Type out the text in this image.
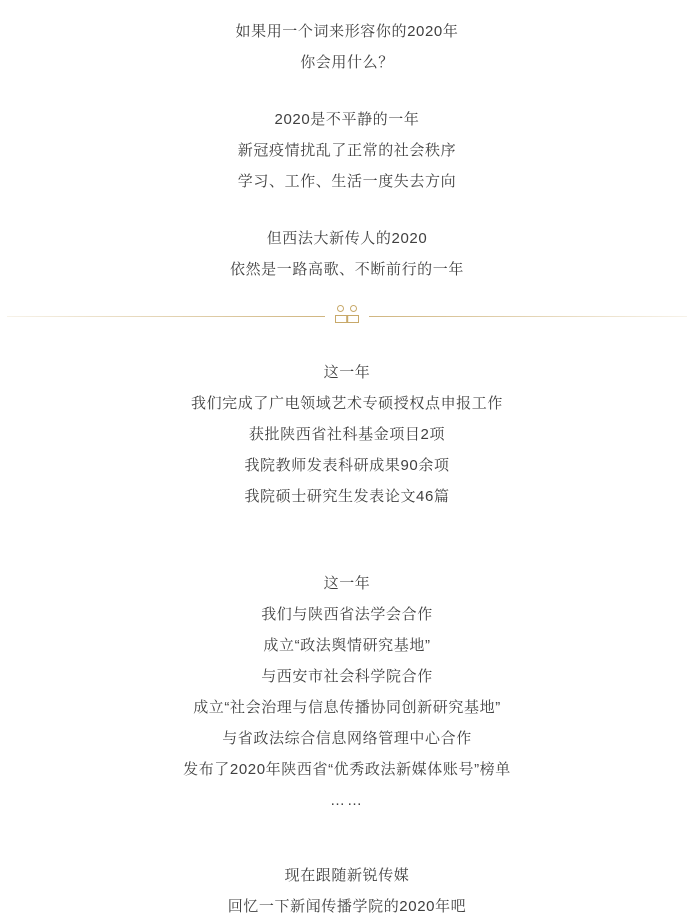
如果用一个词来形容你的2020年
你会用什么？
2020是不平静的一年
新冠疫情扰乱了正常的社会秩序
学习、工作、生活一度失去方向
但西法大新传人的2020
依然是一路高歌、不断前行的一年
这一年
我们完成了广电领域艺术专硕授权点申报工作
获批陕西省社科基金项目2项
我院教师发表科研成果90余项
我院硕士研究生发表论文46篇
这一年
我们与陕西省法学会合作
成立“政法舆情研究基地”
与西安市社会科学院合作
成立“社会治理与信息传播协同创新研究基地”
与省政法综合信息网络管理中心合作
发布了2020年陕西省“优秀政法新媒体账号”榜单
……
现在跟随新锐传媒
回忆一下新闻传播学院的2020年吧
